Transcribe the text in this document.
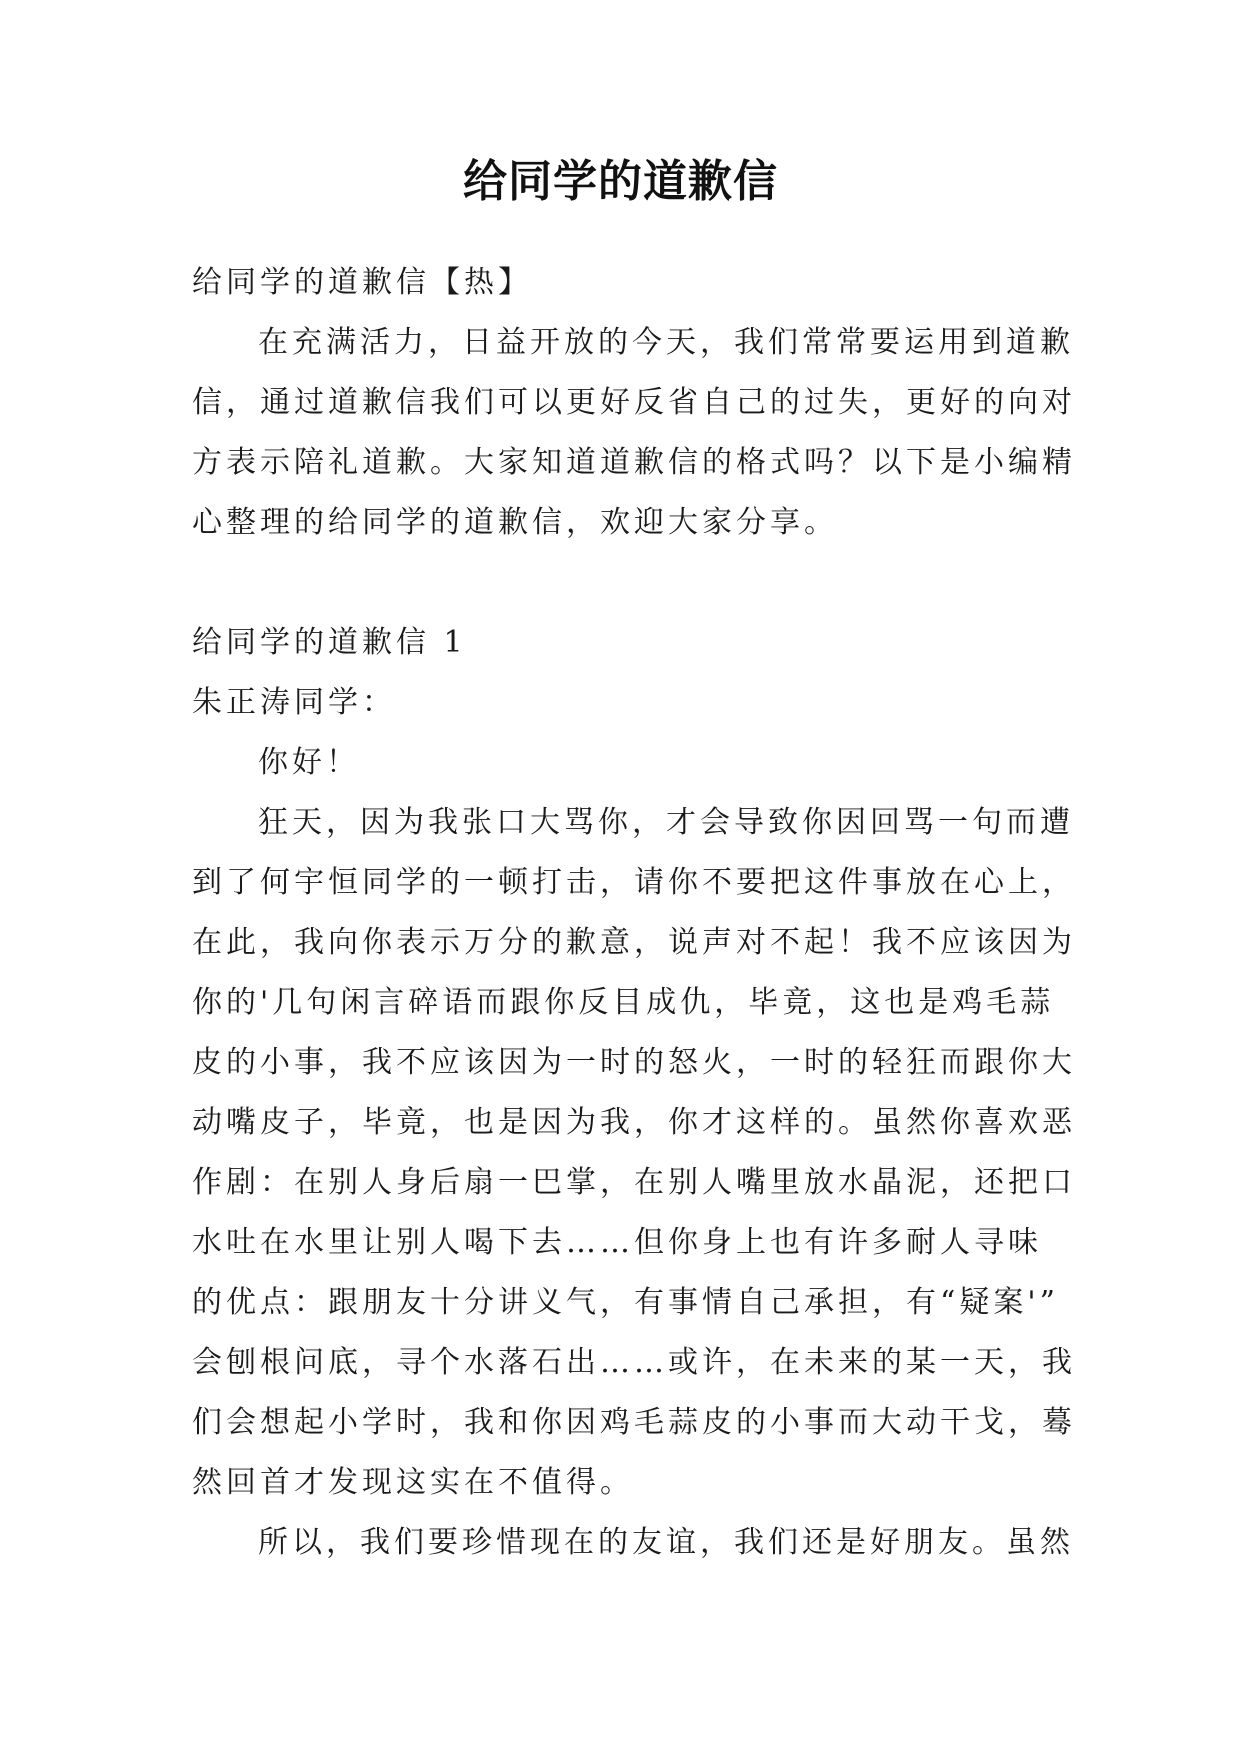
给同学的道歉信
给同学的道歉信【热】
在充满活力，日益开放的今天，我们常常要运用到道歉
信，通过道歉信我们可以更好反省自己的过失，更好的向对
方表示陪礼道歉。大家知道道歉信的格式吗？以下是小编精
心整理的给同学的道歉信，欢迎大家分享。
给同学的道歉信 1
朱正涛同学：
你好！
狂天，因为我张口大骂你，才会导致你因回骂一句而遭
到了何宇恒同学的一顿打击，请你不要把这件事放在心上，
在此，我向你表示万分的歉意，说声对不起！我不应该因为
你的'几句闲言碎语而跟你反目成仇，毕竟，这也是鸡毛蒜
皮的小事，我不应该因为一时的怒火，一时的轻狂而跟你大
动嘴皮子，毕竟，也是因为我，你才这样的。虽然你喜欢恶
作剧：在别人身后扇一巴掌，在别人嘴里放水晶泥，还把口
水吐在水里让别人喝下去……但你身上也有许多耐人寻味
的优点：跟朋友十分讲义气，有事情自己承担，有“疑案'”
会刨根问底，寻个水落石出……或许，在未来的某一天，我
们会想起小学时，我和你因鸡毛蒜皮的小事而大动干戈，蓦
然回首才发现这实在不值得。
所以，我们要珍惜现在的友谊，我们还是好朋友。虽然
